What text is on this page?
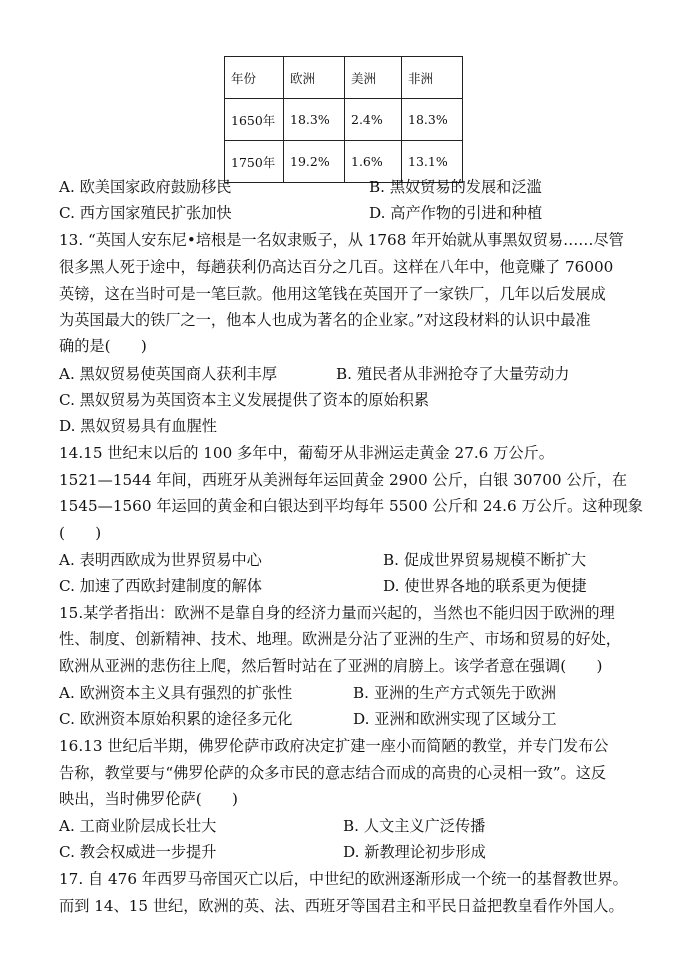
年份	欧洲	美洲	非洲
1650年	18.3%	2.4%	18.3%
1750年	19.2%	1.6%	13.1%
A. 欧美国家政府鼓励移民	B. 黑奴贸易的发展和泛滥
C. 西方国家殖民扩张加快	D. 高产作物的引进和种植
13. “英国人安东尼•培根是一名奴隶贩子，从 1768 年开始就从事黑奴贸易……尽管
很多黑人死于途中，每趟获利仍高达百分之几百。这样在八年中，他竟赚了 76000
英镑，这在当时可是一笔巨款。他用这笔钱在英国开了一家铁厂，几年以后发展成
为英国最大的铁厂之一，他本人也成为著名的企业家。”对这段材料的认识中最准
确的是(　　)
A. 黑奴贸易使英国商人获利丰厚	B. 殖民者从非洲抢夺了大量劳动力
C. 黑奴贸易为英国资本主义发展提供了资本的原始积累
D. 黑奴贸易具有血腥性
14.15 世纪末以后的 100 多年中，葡萄牙从非洲运走黄金 27.6 万公斤。
1521—1544 年间，西班牙从美洲每年运回黄金 2900 公斤，白银 30700 公斤，在
1545—1560 年运回的黄金和白银达到平均每年 5500 公斤和 24.6 万公斤。这种现象
(　　)
A. 表明西欧成为世界贸易中心	B. 促成世界贸易规模不断扩大
C. 加速了西欧封建制度的解体	D. 使世界各地的联系更为便捷
15.某学者指出：欧洲不是靠自身的经济力量而兴起的，当然也不能归因于欧洲的理
性、制度、创新精神、技术、地理。欧洲是分沾了亚洲的生产、市场和贸易的好处，
欧洲从亚洲的悲伤往上爬，然后暂时站在了亚洲的肩膀上。该学者意在强调(　　)
A. 欧洲资本主义具有强烈的扩张性	B. 亚洲的生产方式领先于欧洲
C. 欧洲资本原始积累的途径多元化	D. 亚洲和欧洲实现了区域分工
16.13 世纪后半期，佛罗伦萨市政府决定扩建一座小而简陋的教堂，并专门发布公
告称，教堂要与“佛罗伦萨的众多市民的意志结合而成的高贵的心灵相一致”。这反
映出，当时佛罗伦萨(　　)
A. 工商业阶层成长壮大	B. 人文主义广泛传播
C. 教会权威进一步提升	D. 新教理论初步形成
17. 自 476 年西罗马帝国灭亡以后，中世纪的欧洲逐渐形成一个统一的基督教世界。
而到 14、15 世纪，欧洲的英、法、西班牙等国君主和平民日益把教皇看作外国人。
